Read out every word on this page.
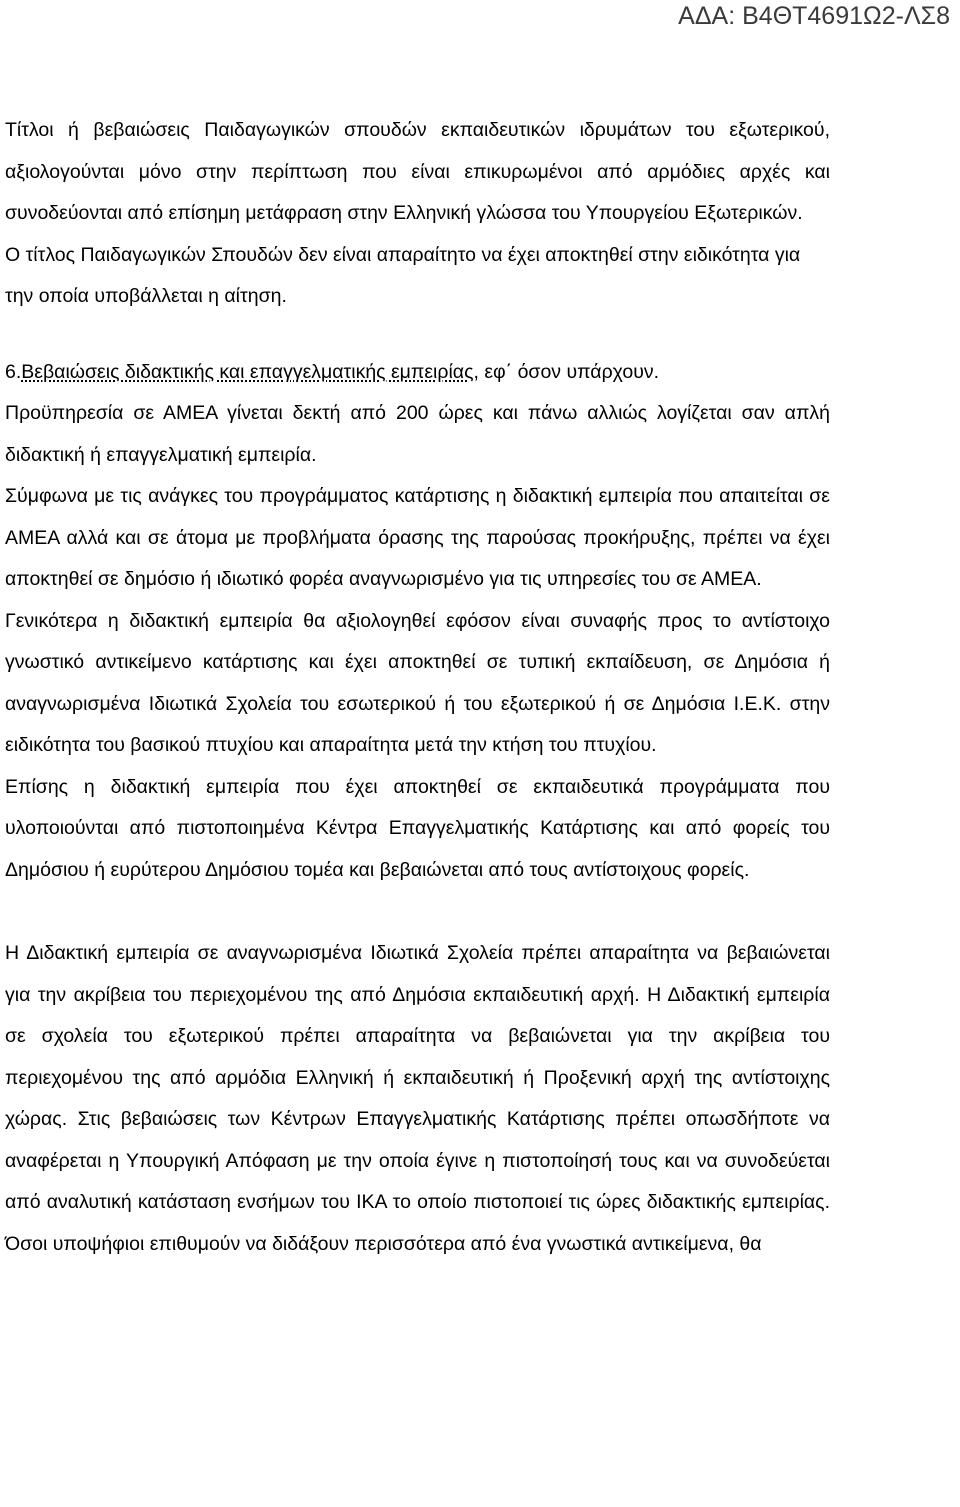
ΑΔΑ: Β4ΘΤ4691Ω2-ΛΣ8

Τίτλοι ή βεβαιώσεις Παιδαγωγικών σπουδών εκπαιδευτικών ιδρυμάτων του εξωτερικού, αξιολογούνται μόνο στην περίπτωση που είναι επικυρωμένοι από αρμόδιες αρχές και συνοδεύονται από επίσημη μετάφραση στην Ελληνική γλώσσα του Υπουργείου Εξωτερικών.

Ο τίτλος Παιδαγωγικών Σπουδών δεν είναι απαραίτητο να έχει αποκτηθεί στην ειδικότητα για την οποία υποβάλλεται η αίτηση.

6.Βεβαιώσεις διδακτικής και επαγγελματικής εμπειρίας, εφ΄ όσον υπάρχουν.

Προϋπηρεσία σε ΑΜΕΑ γίνεται δεκτή από 200 ώρες και πάνω αλλιώς λογίζεται σαν απλή διδακτική ή επαγγελματική εμπειρία.

Σύμφωνα με τις ανάγκες του προγράμματος κατάρτισης η διδακτική εμπειρία που απαιτείται σε ΑΜΕΑ αλλά και σε άτομα με προβλήματα όρασης της παρούσας προκήρυξης, πρέπει να έχει αποκτηθεί σε δημόσιο ή ιδιωτικό φορέα αναγνωρισμένο για τις υπηρεσίες του σε ΑΜΕΑ.

Γενικότερα η διδακτική εμπειρία θα αξιολογηθεί εφόσον είναι συναφής προς το αντίστοιχο γνωστικό αντικείμενο κατάρτισης και έχει αποκτηθεί σε τυπική εκπαίδευση, σε Δημόσια ή αναγνωρισμένα Ιδιωτικά Σχολεία του εσωτερικού ή του εξωτερικού ή σε Δημόσια Ι.Ε.Κ. στην ειδικότητα του βασικού πτυχίου και απαραίτητα μετά την κτήση του πτυχίου.

Επίσης η διδακτική εμπειρία που έχει αποκτηθεί σε εκπαιδευτικά προγράμματα που υλοποιούνται από πιστοποιημένα Κέντρα Επαγγελματικής Κατάρτισης και από φορείς του Δημόσιου ή ευρύτερου Δημόσιου τομέα και βεβαιώνεται από τους αντίστοιχους φορείς.

Η Διδακτική εμπειρία σε αναγνωρισμένα Ιδιωτικά Σχολεία πρέπει απαραίτητα να βεβαιώνεται για την ακρίβεια του περιεχομένου της από Δημόσια εκπαιδευτική αρχή. Η Διδακτική εμπειρία σε σχολεία του εξωτερικού πρέπει απαραίτητα να βεβαιώνεται για την ακρίβεια του περιεχομένου της από αρμόδια Ελληνική ή εκπαιδευτική ή Προξενική αρχή της αντίστοιχης χώρας. Στις βεβαιώσεις των Κέντρων Επαγγελματικής Κατάρτισης πρέπει οπωσδήποτε να αναφέρεται η Υπουργική Απόφαση με την οποία έγινε η πιστοποίησή τους και να συνοδεύεται από αναλυτική κατάσταση ενσήμων του ΙΚΑ το οποίο πιστοποιεί τις ώρες διδακτικής εμπειρίας. Όσοι υποψήφιοι επιθυμούν να διδάξουν περισσότερα από ένα γνωστικά αντικείμενα, θα
